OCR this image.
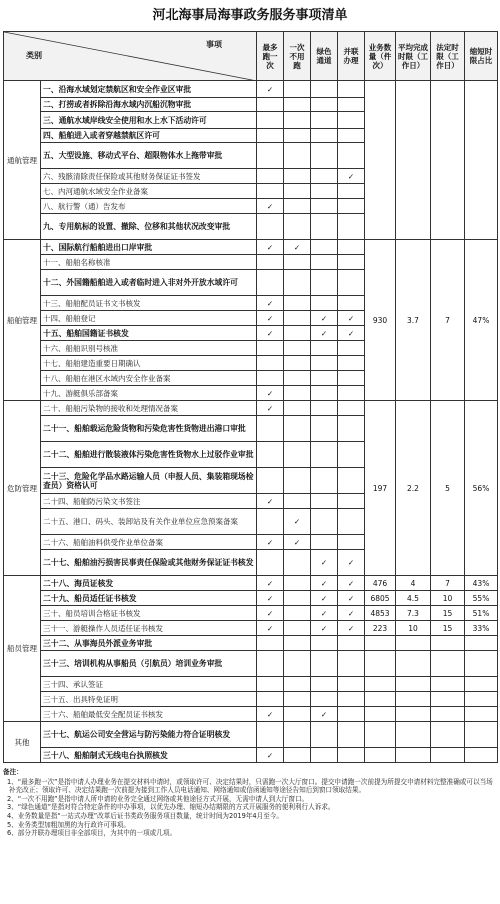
河北海事局海事政务服务事项清单
事项
类别		最多跑一次	一次不用跑	绿色通道	并联办理	业务数量（件次）	平均完成时限（工作日）	法定时限（工作日）	缩短时限占比
通航管理	一、沿海水域划定禁航区和安全作业区审批	✓							
	二、打捞或者拆除沿海水域内沉船沉物审批								
	三、通航水域岸线安全使用和水上水下活动许可								
	四、船舶进入或者穿越禁航区许可								
	五、大型设施、移动式平台、超限物体水上拖带审批								
	六、残骸清除责任保险或其他财务保证证书签发				✓				
	七、内河通航水域安全作业备案								
	八、航行警（通）告发布	✓							
	九、专用航标的设置、撤除、位移和其他状况改变审批								
船舶管理	十、国际航行船舶进出口岸审批	✓	✓			930	3.7	7	47%
	十一、船舶名称核准								
	十二、外国籍船舶进入或者临时进入非对外开放水域许可								
	十三、船舶配员证书文书核发	✓							
	十四、船舶登记	✓		✓	✓				
	十五、船舶国籍证书核发	✓		✓	✓				
	十六、船舶识别号核准								
	十七、船舶建造重要日期确认								
	十八、船舶在港区水域内安全作业备案								
	十九、游艇俱乐部备案	✓							
危防管理	二十、船舶污染物的接收和处理情况备案	✓				197	2.2	5	56%
	二十一、船舶载运危险货物和污染危害性货物进出港口审批								
	二十二、船舶进行散装液体污染危害性货物水上过驳作业审批								
	二十三、危险化学品水路运输人员（申报人员、集装箱现场检查员）资格认可								
	二十四、船舶防污染文书签注	✓							
	二十五、港口、码头、装卸站及有关作业单位应急预案备案		✓						
	二十六、船舶油料供受作业单位备案	✓	✓						
	二十七、船舶油污损害民事责任保险或其他财务保证证书核发			✓	✓				
船员管理	二十八、海员证核发	✓		✓	✓	476	4	7	43%
	二十九、船员适任证书核发	✓		✓	✓	6805	4.5	10	55%
	三十、船员培训合格证书核发	✓		✓	✓	4853	7.3	15	51%
	三十一、游艇操作人员适任证书核发	✓		✓	✓	223	10	15	33%
	三十二、从事海员外派业务审批								
	三十三、培训机构从事船员（引航员）培训业务审批								
	三十四、承认签证								
	三十五、出具特免证明								
	三十六、船舶最低安全配员证书核发	✓		✓					
其他	三十七、航运公司安全营运与防污染能力符合证明核发								
	三十八、船舶制式无线电台执照核发	✓							
备注：

1、“最多跑一次”是指申请人办理业务在提交材料申请时，或领取许可、决定结果时，只需跑一次大厅窗口。提交申请跑一次前提为所提交申请材料完整准确或可以当场补充改正；领取许可、决定结果跑一次前提为接到工作人员电话通知、网络通知或信函通知等途径告知后到窗口领取结果。

2、“一次不用跑”是指申请人所申请的业务完全通过网络或其他途径方式开展，无需申请人到大厅窗口。

3、“绿色通道”是指对符合特定条件的申办事项，以优先办理、缩短办结期限的方式开展服务的便利利行人诉求。

4、业务数量是指“一站式办理”改革后证书类政务服务项目数量，统计时间为2019年4月至今。

5、业务类型加粗加黑的为行政许可事项。

6、部分并联办理项目非全部项目，为其中的一项或几项。
